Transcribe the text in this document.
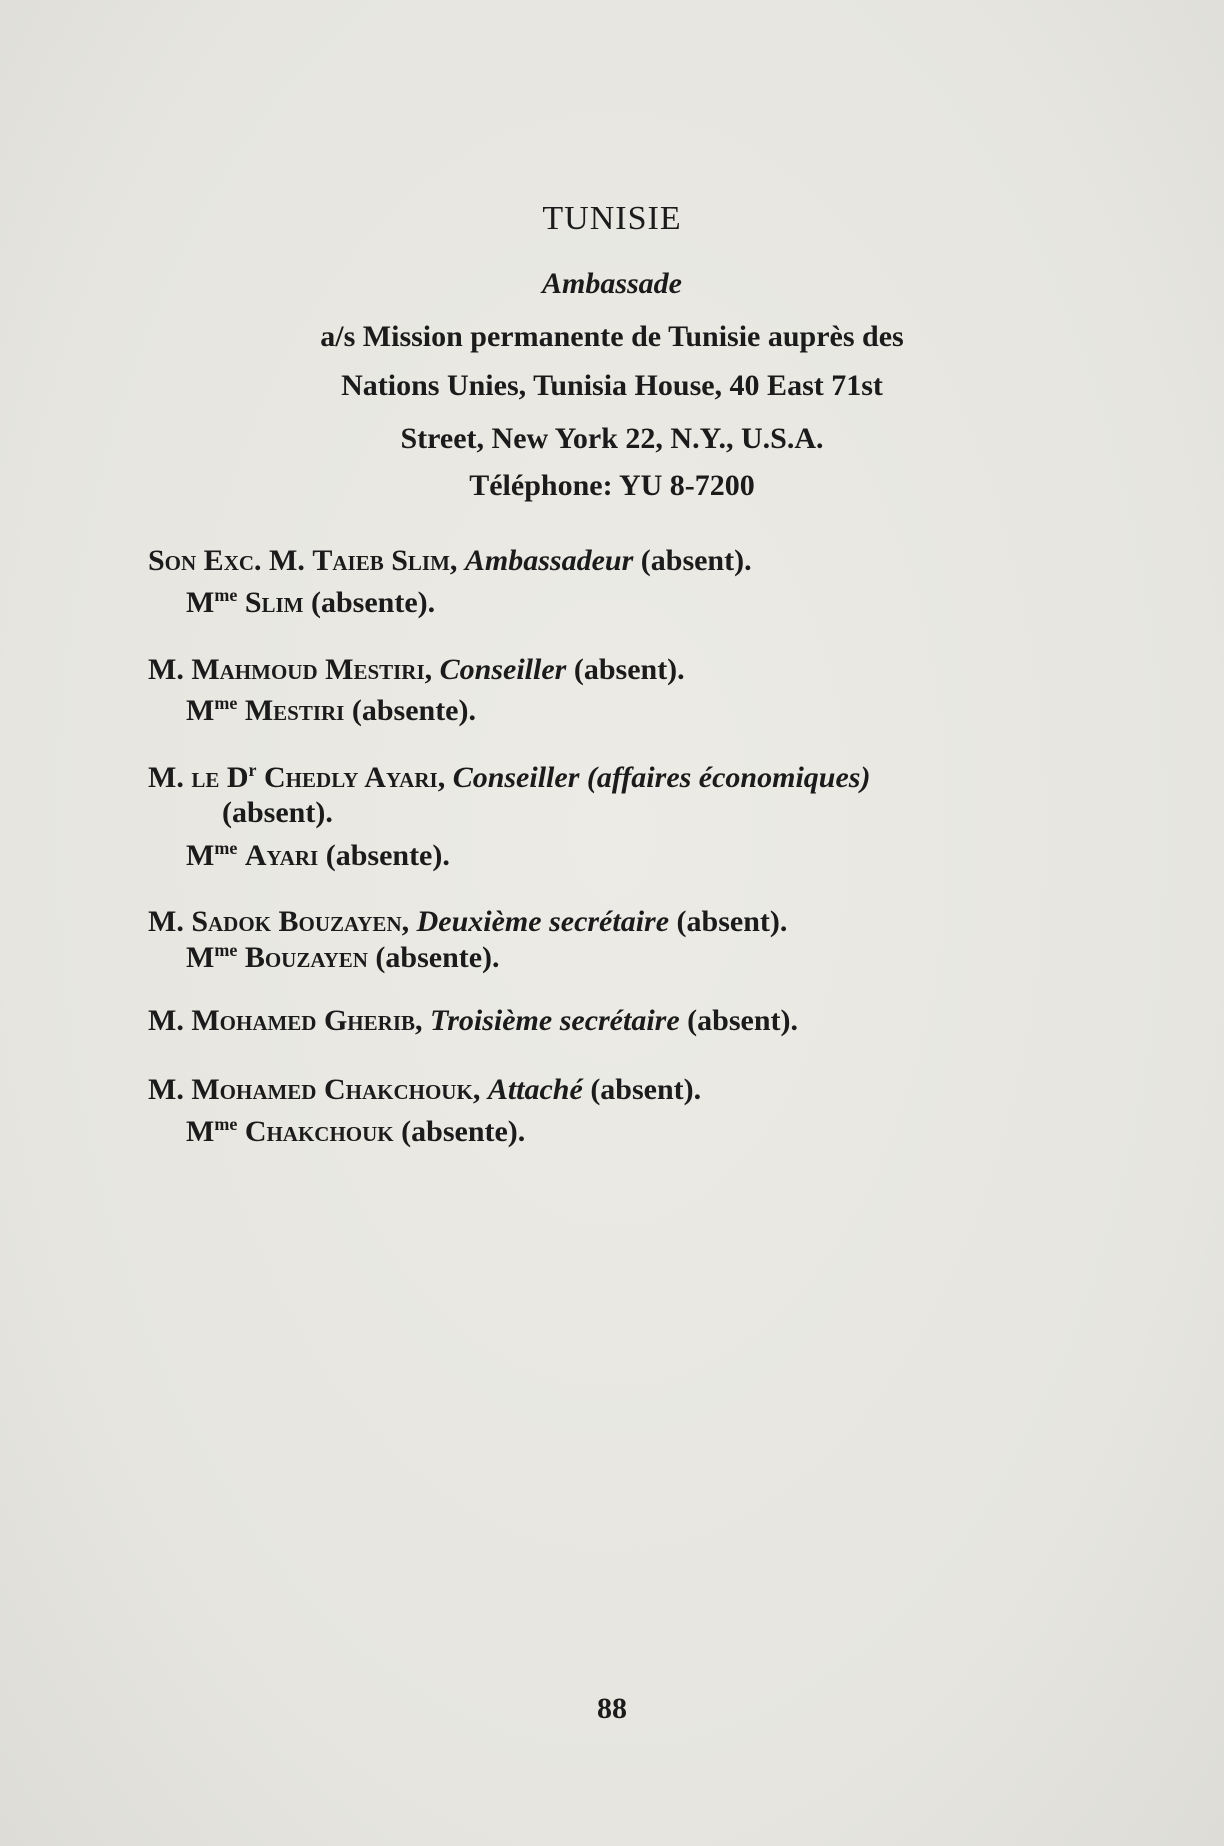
TUNISIE
Ambassade
a/s Mission permanente de Tunisie auprès des
Nations Unies, Tunisia House, 40 East 71st
Street, New York 22, N.Y., U.S.A.
Téléphone: YU 8-7200
Son Exc. M. Taieb Slim, Ambassadeur (absent).
$M^{me}$ Slim (absente).
M. Mahmoud Mestiri, Conseiller (absent).
$M^{me}$ Mestiri (absente).
M. le $D^r$ Chedly Ayari, Conseiller (affaires économiques)
(absent).
$M^{me}$ Ayari (absente).
M. Sadok Bouzayen, Deuxième secrétaire (absent).
$M^{me}$ Bouzayen (absente).
M. Mohamed Gherib, Troisième secrétaire (absent).
M. Mohamed Chakchouk, Attaché (absent).
$M^{me}$ Chakchouk (absente).
88
